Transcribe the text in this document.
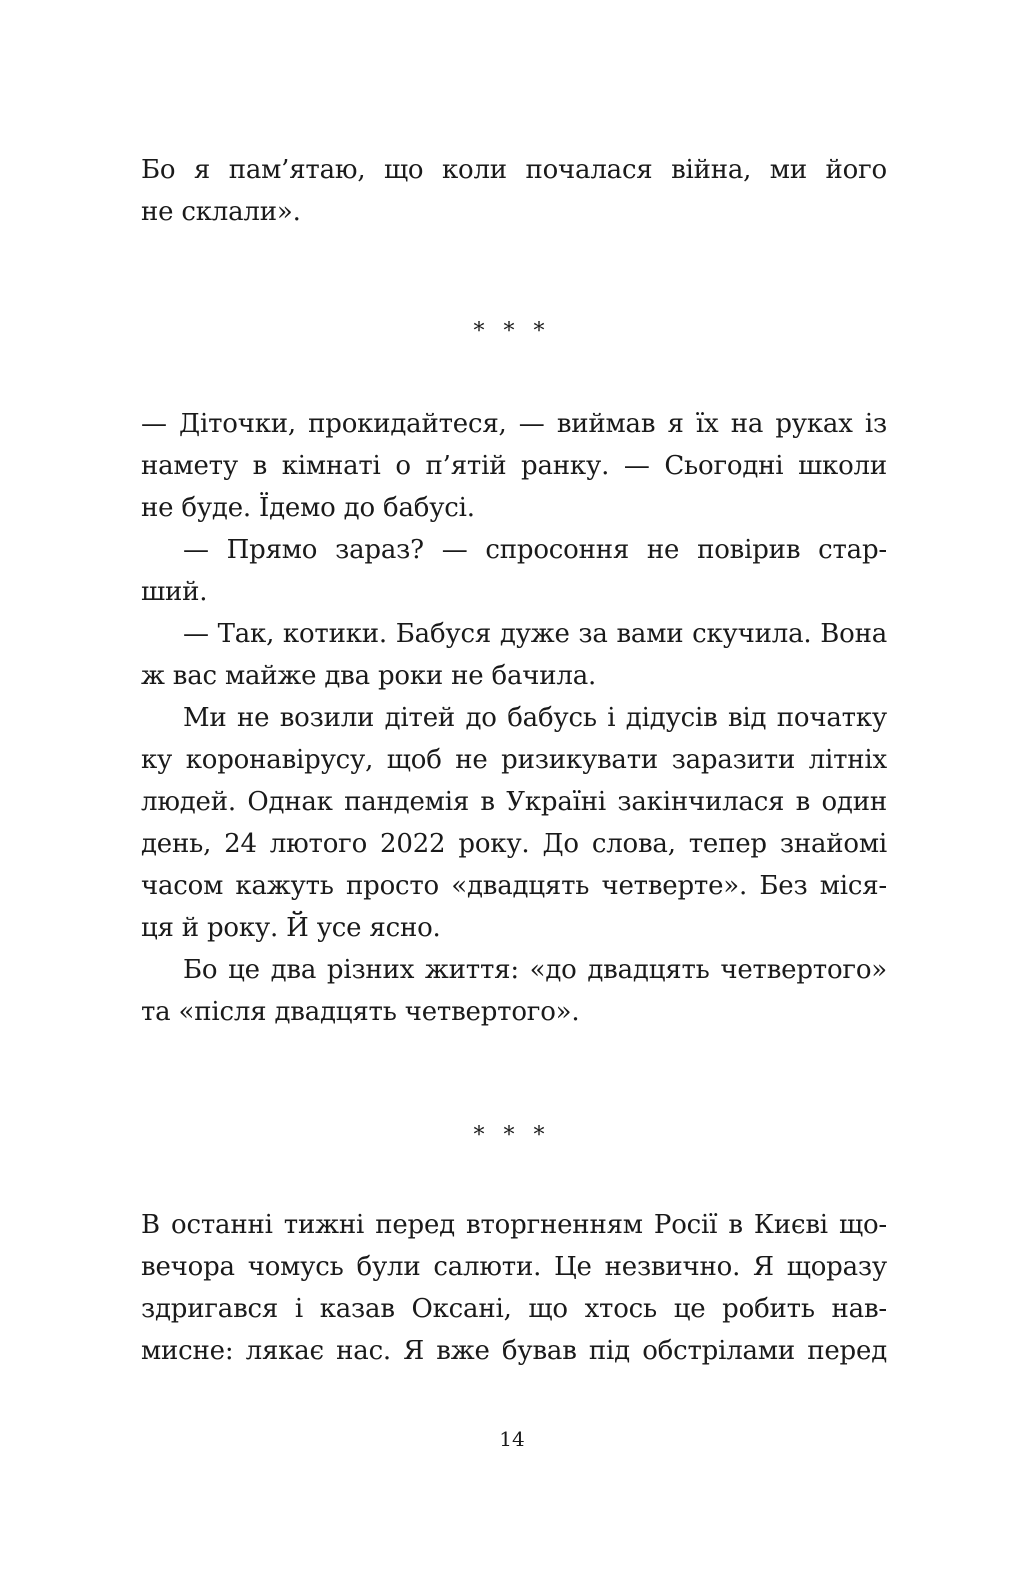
Бо я пам’ятаю, що коли почалася війна, ми його
не склали».
* * *
— Діточки, прокидайтеся, — виймав я їх на руках із
намету в кімнаті о п’ятій ранку. — Сьогодні школи
не буде. Їдемо до бабусі.
— Прямо зараз? — спросоння не повірив стар-
ший.
— Так, котики. Бабуся дуже за вами скучила. Вона
ж вас майже два роки не бачила.
Ми не возили дітей до бабусь і дідусів від початку
ку коронавірусу, щоб не ризикувати заразити літніх
людей. Однак пандемія в Україні закінчилася в один
день, 24 лютого 2022 року. До слова, тепер знайомі
часом кажуть просто «двадцять четверте». Без міся-
ця й року. Й усе ясно.
Бо це два різних життя: «до двадцять четвертого»
та «після двадцять четвертого».
* * *
В останні тижні перед вторгненням Росії в Києві що-
вечора чомусь були салюти. Це незвично. Я щоразу
здригався і казав Оксані, що хтось це робить нав-
мисне: лякає нас. Я вже бував під обстрілами перед
14
